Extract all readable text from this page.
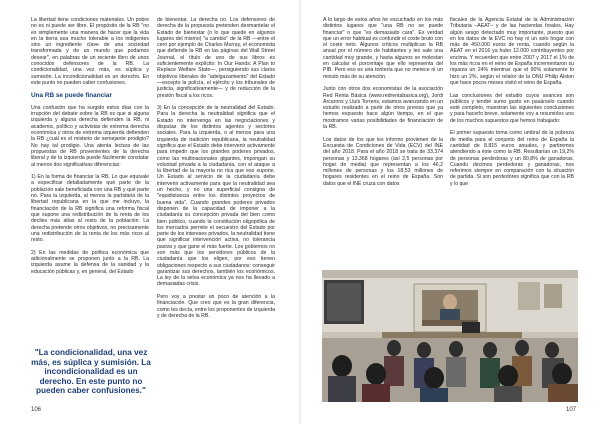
La libertad tiene condiciones materiales. Un pobre no es ni puede ser libre. El propósito de la RB "no es simplemente una manera de hacer que la vida en la tierra sea mucho tolerable a los indigentes sino un ingrediente clave de una sociedad transformada y de un mundo que podamos desear", en palabras de un reciente libro de unos conocidos defensores de la RB. La condicionalidad, una vez más, es súplica y sumisión. La incondicionalidad es un derecho. En este punto no pueden caber confusiones.

Una RB se puede financiar

Una confusión que ha surgido estos días con la irrupción del debate sobre la RB es que si alguna izquierda y alguna derecha defienden la RB, ni academic, político y activistas de extrema derecha económica y otros de extrema izquierda defienden la RB ¿cuál es el misterio de semejante prodigio? No hay tal prodigio. Una atenta lectura de las propuestas de RB provenientes de la derecha liberal y de la izquierda puede fácilmente constatar al menos dos significativas diferencias:

1) En la forma de financiar la RB. Lo que equivale a especificar detalladamente qué parte de la población sale beneficiada con una RB y qué parte no. Para la izquierda, al menos la partidaria de la libertad republicana en la que me incluyo, la financiación de la RB significa una reforma fiscal que supone una redistribución de la renta de los deciles más altas al resto de la población. La derecha pretende otros objetivos, no precisamente una redistribución de la renta de los más ricos al resto.

2) En las medidas de política económica que adicionalmente se proponen junto a la RB. La izquierda asume la defensa de la sanidad y la educación públicas y, en general, del Estado

"La condicionalidad, una vez más, es súplica y sumisión. La incondicionalidad es un derecho. En este punto no pueden caber confusiones."

de bienestar. La derecha no. Los defensores de derecha de la propuesta pretenden desmantelar el Estado de bienestar (o lo que quede en algunos lugares del mismo) "a cambio" de la RB —entre el cero por ejemplo de Charles Murray, el economista que defiende la RB en las páginas del Wall Street Journal, el título de uno de sus libros es suficientemente explícito: In Our Hands: A Plan to Replace Welfare State—, persiguiendo sus claros objetivos liberales de "adelgazamiento" del Estado —excepto la policía, el ejército y los tribunales de justicia, significativamente— y de reducción de la presión fiscal a los ricos.

3) En la concepción de la neutralidad del Estado. Para la derecha la neutralidad significa que el Estado no intervenga en las negociaciones y disputas de los distintos agentes y sectores sociales. Para la izquierda, o al menos para una izquierda de tradición republicana, la neutralidad significa que el Estado debe intervenir activamente para impedir que los grandes poderes privados, como las multinacionales gigantes, impongan su voluntad privada a la ciudadanía, con el ataque a la libertad de la mayoría no rica que eso supone. Un Estado al servicio de la ciudadanía debe intervenir activamente para que la neutralidad sea un hecho, y no una superficial consigna de "equidistancia entre los distintos proyectos de buena vida". Cuando grandes poderes privados disponen de la capacidad de imponer a la ciudadanía su concepción privada del bien como bien público, cuando la constitución oligopólica de los mercados permite el secuestro del Estado por parte de los intereses privados, la neutralidad tiene que significar intervención activa, no tolerancia pasiva y que gane el más fuerte. Los gobiernos no son más que los servidores públicos de la ciudadanía que los eligen, por eso tienen obligaciones respecto a sus ciudadanos: conseguir garantizar sus derechos, también los económicos. La ley de la selva económica ya nos ha llevado a demasiadas crisis.

Pero voy a prestar un poco de atención a la financiación. Que creo que es la gran diferencia, como les decía, entre los proponentes de izquierda y de derecha de la RB.

106

A lo largo de estos años he escuchado en los más distintos lugares que "una RB no se puede financiar" o que "es demasiado cara". Es verdad que un error habitual es confundir el coste bruto con el coste neto. Algunos críticos multiplican la RB anual por el número de habitantes y les sale una cantidad muy grande, y hasta algunos se molestan en calcular el porcentaje que ello representa del PIB. Pero eso es una tontería que no merece ni un minuto más de su atención.

Junto con otros dos economistas de la asociación Red Renta Básica (www.redrentabasica.org), Jordi Arcarons y Lluís Torrens, estamos avanzando en un estudio realizado a partir de otros previos que ya hemos expuesto hace algún tiempo, en el que mostramos varias posibilidades de financiación de la RB.

Los datos de los que les informo provienen de la Encuesta de Condiciones de Vida (ECV) del INE del año 2018. Para el año 2018 se trata de 33.374 personas y 13.368 hogares (así 2,5 personas por hogar de media) que representan a los 46,2 millones de personas y los 18,53 millones de hogares residentes en el reino de España. Son datos que el INE cruza con datos

fiscales de la Agencia Estatal de la Administración Tributaria –AEAT– y de las haciendas forales. Hay algún sesgo detectado muy importante, puesto que en los datos de la EVC no hay ni un solo hogar con más de 450.000 euros de renta, cuando según la AEAT en el 2016 ya hubo 12.000 contribuyentes por encima. Y recuerden que entre 2007 y 2017 el 1% de los más ricos en el reino de España incrementaron su riqueza un 24% mientras que el 90% solamente lo hizo un 2%, según el relator de la ONU Philip Alston que hace pocos meses visitó el reino de España.

Las conclusiones del estudio cuyos avances son públicos y tendré sumo gusto en pasárselo cuando esté completo, muestran las siguientes conclusiones y para hacerlo breve, solamente voy a resumirles uno de los muchos supuestos que hemos trabajado:

El primer supuesto toma como umbral de la pobreza de media para el conjunto del reino de España la cantidad de 8.815 euros anuales, y partiremos atendiendo a éste como la RB. Resultarían un 19,2% de personas perdedoras y un 80,8% de ganadoras. Cuando decimos perdedoras y ganadoras, nos referimos siempre en comparación con la situación de partida. Si son perdedores significa que con la RB y lo que

107
